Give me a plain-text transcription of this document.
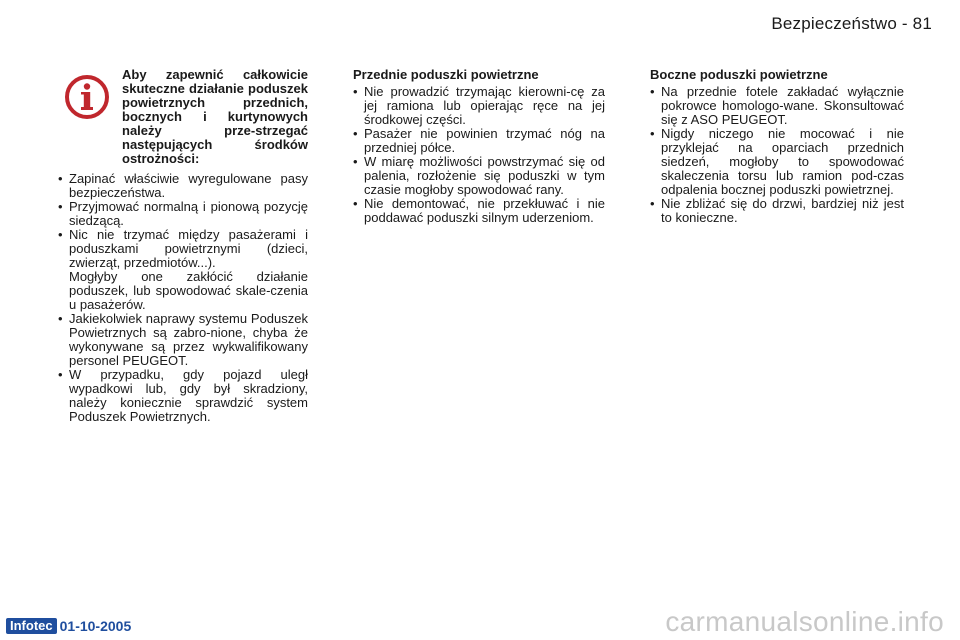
Bezpieczeństwo - 81
Aby zapewnić całkowicie skuteczne działanie poduszek powietrznych przednich, bocznych i kurtynowych należy prze-strzegać następujących środków ostrożności:
• Zapinać właściwie wyregulowane pasy bezpieczeństwa.
• Przyjmować normalną i pionową pozycję siedzącą.
• Nic nie trzymać między pasażerami i poduszkami powietrznymi (dzieci, zwierząt, przedmiotów...).

Mogłyby one zakłócić działanie poduszek, lub spowodować skale-czenia u pasażerów.

• Jakiekolwiek naprawy systemu Poduszek Powietrznych są zabro-nione, chyba że wykonywane są przez wykwalifikowany personel PEUGEOT.
• W przypadku, gdy pojazd uległ wypadkowi lub, gdy był skradziony, należy koniecznie sprawdzić system Poduszek Powietrznych.
Przednie poduszki powietrzne
• Nie prowadzić trzymając kierowni-cę za jej ramiona lub opierając ręce na jej środkowej części.
• Pasażer nie powinien trzymać nóg na przedniej półce.
• W miarę możliwości powstrzymać się od palenia, rozłożenie się poduszki w tym czasie mogłoby spowodować rany.
• Nie demontować, nie przekłuwać i nie poddawać poduszki silnym uderzeniom.
Boczne poduszki powietrzne
• Na przednie fotele zakładać wyłącznie pokrowce homologo-wane. Skonsultować się z ASO PEUGEOT.
• Nigdy niczego nie mocować i nie przyklejać na oparciach przednich siedzeń, mogłoby to spowodować skaleczenia torsu lub ramion pod-czas odpalenia bocznej poduszki powietrznej.
• Nie zbliżać się do drzwi, bardziej niż jest to konieczne.
Infotec 01-10-2005	carmanualsonline.info
